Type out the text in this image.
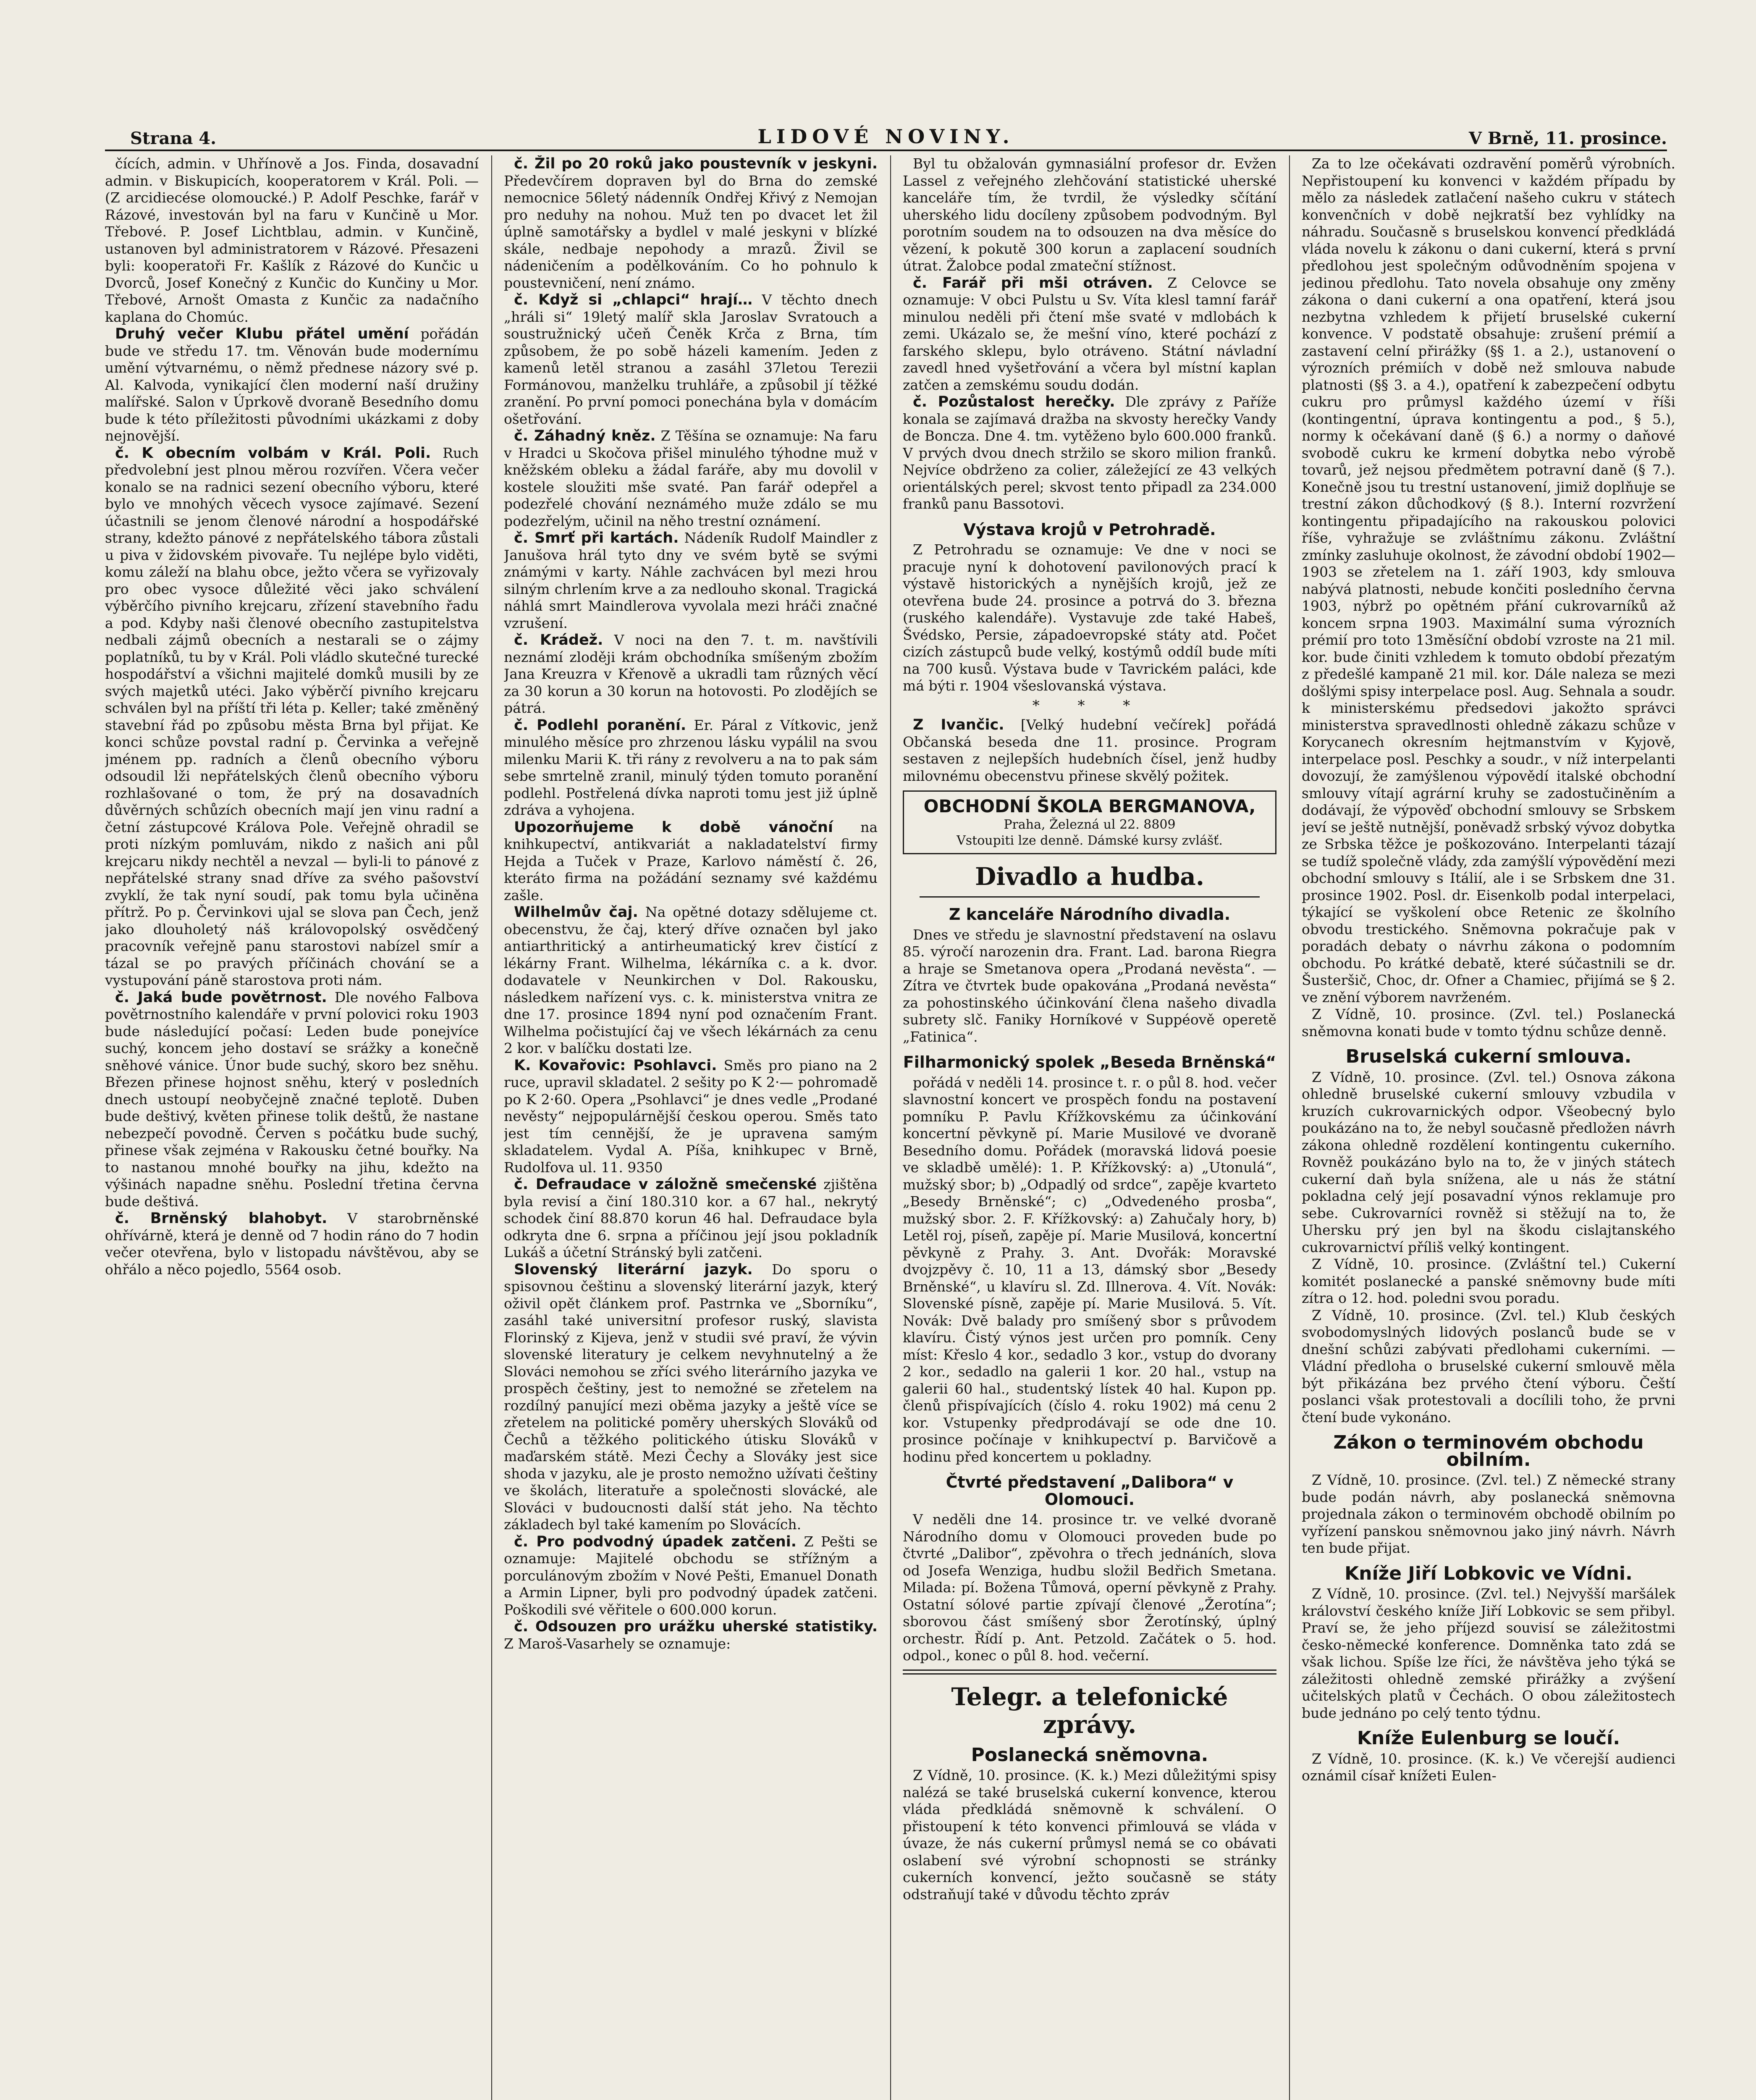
Strana 4.	LIDOVÉ NOVINY.	V Brně, 11. prosince.

čících, admin. v Uhřínově a Jos. Finda, dosavadní admin. v Biskupicích, kooperatorem v Král. Poli. — (Z arcidiecése olomoucké.) P. Adolf Peschke, farář v Rázové, investován byl na faru v Kunčině u Mor. Třebové. P. Josef Lichtblau, admin. v Kunčině, ustanoven byl administratorem v Rázové. Přesazeni byli: kooperatoři Fr. Kašlík z Rázové do Kunčic u Dvorců, Josef Konečný z Kunčic do Kunčiny u Mor. Třebové, Arnošt Omasta z Kunčic za nadačního kaplana do Chomúc.

Druhý večer Klubu přátel umění pořádán bude ve středu 17. tm. Věnován bude modernímu umění výtvarnému, o němž přednese názory své p. Al. Kalvoda, vynikající člen moderní naší družiny malířské. Salon v Úprkově dvoraně Besedního domu bude k této příležitosti původními ukázkami z doby nejnovější.

č. K obecním volbám v Král. Poli. Ruch předvolební jest plnou měrou rozvířen. Včera večer konalo se na radnici sezení obecního výboru, které bylo ve mnohých věcech vysoce zajímavé. Sezení účastnili se jenom členové národní a hospodářské strany, kdežto pánové z nepřátelského tábora zůstali u piva v židovském pivovaře. Tu nejlépe bylo viděti, komu záleží na blahu obce, ježto včera se vyřizovaly pro obec vysoce důležité věci jako schválení výběrčího pivního krejcaru, zřízení stavebního řadu a pod. Kdyby naši členové obecního zastupitelstva nedbali zájmů obecních a nestarali se o zájmy poplatníků, tu by v Král. Poli vládlo skutečné turecké hospodářství a všichni majitelé domků musili by ze svých majetků utéci. Jako výběrčí pivního krejcaru schválen byl na příští tři léta p. Keller; také změněný stavební řád po způsobu města Brna byl přijat. Ke konci schůze povstal radní p. Červinka a veřejně jménem pp. radních a členů obecního výboru odsoudil lži nepřátelských členů obecního výboru rozhlašované o tom, že prý na dosavadních důvěrných schůzích obecních mají jen vinu radní a četní zástupcové Králova Pole. Veřejně ohradil se proti nízkým pomluvám, nikdo z našich ani půl krejcaru nikdy nechtěl a nevzal — byli-li to pánové z nepřátelské strany snad dříve za svého pašovství zvyklí, že tak nyní soudí, pak tomu byla učiněna přítrž. Po p. Červinkovi ujal se slova pan Čech, jenž jako dlouholetý náš královopolský osvědčený pracovník veřejně panu starostovi nabízel smír a tázal se po pravých příčinách chování se a vystupování páně starostova proti nám.

č. Jaká bude povětrnost. Dle nového Falbova povětrnostního kalendáře v první polovici roku 1903 bude následující počasí: Leden bude ponejvíce suchý, koncem jeho dostaví se srážky a konečně sněhové vánice. Únor bude suchý, skoro bez sněhu. Březen přinese hojnost sněhu, který v posledních dnech ustoupí neobyčejně značné teplotě. Duben bude deštivý, květen přinese tolik deštů, že nastane nebezpečí povodně. Červen s počátku bude suchý, přinese však zejména v Rakousku četné bouřky. Na to nastanou mnohé bouřky na jihu, kdežto na výšinách napadne sněhu. Poslední třetina června bude deštivá.

č. Brněnský blahobyt. V starobrněnské ohřívárně, která je denně od 7 hodin ráno do 7 hodin večer otevřena, bylo v listopadu návštěvou, aby se ohřálo a něco pojedlo, 5564 osob.

č. Žil po 20 roků jako poustevník v jeskyni. Předevčírem dopraven byl do Brna do zemské nemocnice 56letý nádenník Ondřej Křivý z Nemojan pro neduhy na nohou. Muž ten po dvacet let žil úplně samotářsky a bydlel v malé jeskyni v blízké skále, nedbaje nepohody a mrazů. Živil se nádeničením a podělkováním. Co ho pohnulo k poustevničení, není známo.

č. Když si „chlapci“ hrají… V těchto dnech „hráli si“ 19letý malíř skla Jaroslav Svratouch a soustružnický učeň Čeněk Krča z Brna, tím způsobem, že po sobě házeli kamením. Jeden z kamenů letěl stranou a zasáhl 37letou Terezii Formánovou, manželku truhláře, a způsobil jí těžké zranění. Po první pomoci ponechána byla v domácím ošetřování.

č. Záhadný kněz. Z Těšína se oznamuje: Na faru v Hradci u Skočova přišel minulého týhodne muž v kněžském obleku a žádal faráře, aby mu dovolil v kostele sloužiti mše svaté. Pan farář odepřel a podezřelé chování neznámého muže zdálo se mu podezřelým, učinil na něho trestní oznámení.

č. Smrť při kartách. Nádeník Rudolf Maindler z Janušova hrál tyto dny ve svém bytě se svými známými v karty. Náhle zachvácen byl mezi hrou silným chrlením krve a za nedlouho skonal. Tragická náhlá smrt Maindlerova vyvolala mezi hráči značné vzrušení.

č. Krádež. V noci na den 7. t. m. navštívili neznámí zloději krám obchodníka smíšeným zbožím Jana Kreuzra v Křenově a ukradli tam různých věcí za 30 korun a 30 korun na hotovosti. Po zlodějích se pátrá.

č. Podlehl poranění. Er. Páral z Vítkovic, jenž minulého měsíce pro zhrzenou lásku vypálil na svou milenku Marii K. tři rány z revolveru a na to pak sám sebe smrtelně zranil, minulý týden tomuto poranění podlehl. Postřelená dívka naproti tomu jest již úplně zdráva a vyhojena.

Upozorňujeme k době vánoční na knihkupectví, antikvariát a nakladatelství firmy Hejda a Tuček v Praze, Karlovo náměstí č. 26, kteráto firma na požádání seznamy své každému zašle.

Wilhelmův čaj. Na opětné dotazy sdělujeme ct. obecenstvu, že čaj, který dříve označen byl jako antiarthritický a antirheumatický krev čistící z lékárny Frant. Wilhelma, lékárníka c. a k. dvor. dodavatele v Neunkirchen v Dol. Rakousku, následkem nařízení vys. c. k. ministerstva vnitra ze dne 17. prosince 1894 nyní pod označením Frant. Wilhelma počistující čaj ve všech lékárnách za cenu 2 kor. v balíčku dostati lze.

K. Kovařovic: Psohlavci. Směs pro piano na 2 ruce, upravil skladatel. 2 sešity po K 2·— pohromadě po K 2·60. Opera „Psohlavci“ je dnes vedle „Prodané nevěsty“ nejpopulárnější českou operou. Směs tato jest tím cennější, že je upravena samým skladatelem. Vydal A. Píša, knihkupec v Brně, Rudolfova ul. 11. 9350

č. Defraudace v záložně smečenské zjištěna byla revisí a činí 180.310 kor. a 67 hal., nekrytý schodek činí 88.870 korun 46 hal. Defraudace byla odkryta dne 6. srpna a příčinou její jsou pokladník Lukáš a účetní Stránský byli zatčeni.

Slovenský literární jazyk. Do sporu o spisovnou češtinu a slovenský literární jazyk, který oživil opět článkem prof. Pastrnka ve „Sborníku“, zasáhl také universitní profesor ruský, slavista Florinský z Kijeva, jenž v studii své praví, že vývin slovenské literatury je celkem nevyhnutelný a že Slováci nemohou se zříci svého literárního jazyka ve prospěch češtiny, jest to nemožné se zřetelem na rozdílný panující mezi oběma jazyky a ještě více se zřetelem na politické poměry uherských Slováků od Čechů a těžkého politického útisku Slováků v maďarském státě. Mezi Čechy a Slováky jest sice shoda v jazyku, ale je prosto nemožno užívati češtiny ve školách, literatuře a společnosti slovácké, ale Slováci v budoucnosti další stát jeho. Na těchto základech byl také kamením po Slovácích.

č. Pro podvodný úpadek zatčeni. Z Pešti se oznamuje: Majitelé obchodu se střížným a porculánovým zbožím v Nové Pešti, Emanuel Donath a Armin Lipner, byli pro podvodný úpadek zatčeni. Poškodili své věřitele o 600.000 korun.

č. Odsouzen pro urážku uherské statistiky. Z Maroš-Vasarhely se oznamuje:

Byl tu obžalován gymnasiální profesor dr. Evžen Lassel z veřejného zlehčování statistické uherské kanceláře tím, že tvrdil, že výsledky sčítání uherského lidu docíleny způsobem podvodným. Byl porotním soudem na to odsouzen na dva měsíce do vězení, k pokutě 300 korun a zaplacení soudních útrat. Žalobce podal zmateční stížnost.

č. Farář při mši otráven. Z Celovce se oznamuje: V obci Pulstu u Sv. Víta klesl tamní farář minulou neděli při čtení mše svaté v mdlobách k zemi. Ukázalo se, že mešní víno, které pochází z farského sklepu, bylo otráveno. Státní návladní zavedl hned vyšetřování a včera byl místní kaplan zatčen a zemskému soudu dodán.

č. Pozůstalost herečky. Dle zprávy z Paříže konala se zajímavá dražba na skvosty herečky Vandy de Boncza. Dne 4. tm. vytěženo bylo 600.000 franků. V prvých dvou dnech stržilo se skoro milion franků. Nejvíce obdrženo za colier, záležející ze 43 velkých orientálských perel; skvost tento připadl za 234.000 franků panu Bassotovi.

Výstava krojů v Petrohradě.

Z Petrohradu se oznamuje: Ve dne v noci se pracuje nyní k dohotovení pavilonových prací k výstavě historických a nynějších krojů, jež ze otevřena bude 24. prosince a potrvá do 3. března (ruského kalendáře). Vystavuje zde také Habeš, Švédsko, Persie, západoevropské státy atd. Počet cizích zástupců bude velký, kostýmů oddíl bude míti na 700 kusů. Výstava bude v Tavrickém paláci, kde má býti r. 1904 všeslovanská výstava.

* * *

Z Ivančic. [Velký hudební večírek] pořádá Občanská beseda dne 11. prosince. Program sestaven z nejlepších hudebních čísel, jenž hudby milovnému obecenstvu přinese skvělý požitek.

OBCHODNÍ ŠKOLA BERGMANOVA,
Praha, Železná ul 22. 8809
Vstoupiti lze denně. Dámské kursy zvlášť.
Divadlo a hudba.
Z kanceláře Národního divadla.

Dnes ve středu je slavnostní představení na oslavu 85. výročí narozenin dra. Frant. Lad. barona Riegra a hraje se Smetanova opera „Prodaná nevěsta“. — Zítra ve čtvrtek bude opakována „Prodaná nevěsta“ za pohostinského účinkování člena našeho divadla subrety slč. Faniky Horníkové v Suppéově operetě „Fatinica“.

Filharmonický spolek „Beseda Brněnská“

pořádá v neděli 14. prosince t. r. o půl 8. hod. večer slavnostní koncert ve prospěch fondu na postavení pomníku P. Pavlu Křížkovskému za účinkování koncertní pěvkyně pí. Marie Musilové ve dvoraně Besedního domu. Pořádek (moravská lidová poesie ve skladbě umělé): 1. P. Křížkovský: a) „Utonulá“, mužský sbor; b) „Odpadlý od srdce“, zapěje kvarteto „Besedy Brněnské“; c) „Odvedeného prosba“, mužský sbor. 2. F. Křížkovský: a) Zahučaly hory, b) Letěl roj, píseň, zapěje pí. Marie Musilová, koncertní pěvkyně z Prahy. 3. Ant. Dvořák: Moravské dvojzpěvy č. 10, 11 a 13, dámský sbor „Besedy Brněnské“, u klavíru sl. Zd. Illnerova. 4. Vít. Novák: Slovenské písně, zapěje pí. Marie Musilová. 5. Vít. Novák: Dvě balady pro smíšený sbor s průvodem klavíru. Čistý výnos jest určen pro pomník. Ceny míst: Křeslo 4 kor., sedadlo 3 kor., vstup do dvorany 2 kor., sedadlo na galerii 1 kor. 20 hal., vstup na galerii 60 hal., studentský lístek 40 hal. Kupon pp. členů přispívajících (číslo 4. roku 1902) má cenu 2 kor. Vstupenky předprodávají se ode dne 10. prosince počínaje v knihkupectví p. Barvičově a hodinu před koncertem u pokladny.

Čtvrté představení „Dalibora“ v Olomouci.

V neděli dne 14. prosince tr. ve velké dvoraně Národního domu v Olomouci proveden bude po čtvrté „Dalibor“, zpěvohra o třech jednáních, slova od Josefa Wenziga, hudbu složil Bedřich Smetana. Milada: pí. Božena Tůmová, operní pěvkyně z Prahy. Ostatní sólové partie zpívají členové „Žerotína“; sborovou část smíšený sbor Žerotínský, úplný orchestr. Řídí p. Ant. Petzold. Začátek o 5. hod. odpol., konec o půl 8. hod. večerní.

Telegr. a telefonické zprávy.
Poslanecká sněmovna.

Z Vídně, 10. prosince. (K. k.) Mezi důležitými spisy nalézá se také bruselská cukerní konvence, kterou vláda předkládá sněmovně k schválení. O přistoupení k této konvenci přimlouvá se vláda v úvaze, že nás cukerní průmysl nemá se co obávati oslabení své výrobní schopnosti se stránky cukerních konvencí, ježto současně se státy odstraňují také v důvodu těchto zpráv

Za to lze očekávati ozdravění poměrů výrobních. Nepřistoupení ku konvenci v každém případu by mělo za následek zatlačení našeho cukru v státech konvenčních v době nejkratší bez vyhlídky na náhradu. Současně s bruselskou konvencí předkládá vláda novelu k zákonu o dani cukerní, která s první předlohou jest společným odůvodněním spojena v jedinou předlohu. Tato novela obsahuje ony změny zákona o dani cukerní a ona opatření, která jsou nezbytna vzhledem k přijetí bruselské cukerní konvence. V podstatě obsahuje: zrušení prémií a zastavení celní přirážky (§§ 1. a 2.), ustanovení o výrozních prémiích v době než smlouva nabude platnosti (§§ 3. a 4.), opatření k zabezpečení odbytu cukru pro průmysl každého území v říši (kontingentní, úprava kontingentu a pod., § 5.), normy k očekávaní daně (§ 6.) a normy o daňové svobodě cukru ke krmení dobytka nebo výrobě tovarů, jež nejsou předmětem potravní daně (§ 7.). Konečně jsou tu trestní ustanovení, jimiž doplňuje se trestní zákon důchodkový (§ 8.). Interní rozvržení kontingentu připadajícího na rakouskou polovici říše, vyhražuje se zvláštnímu zákonu. Zvláštní zmínky zasluhuje okolnost, že závodní období 1902—1903 se zřetelem na 1. září 1903, kdy smlouva nabývá platnosti, nebude končiti posledního června 1903, nýbrž po opětném přání cukrovarníků až koncem srpna 1903. Maximální suma výrozních prémií pro toto 13měsíční období vzroste na 21 mil. kor. bude činiti vzhledem k tomuto období přezatým z předešlé kampaně 21 mil. kor. Dále naleza se mezi došlými spisy interpelace posl. Aug. Sehnala a soudr. k ministerskému předsedovi jakožto správci ministerstva spravedlnosti ohledně zákazu schůze v Korycanech okresním hejtmanstvím v Kyjově, interpelace posl. Peschky a soudr., v níž interpelanti dovozují, že zamýšlenou výpovědí italské obchodní smlouvy vítají agrární kruhy se zadostučiněním a dodávají, že výpověď obchodní smlouvy se Srbskem jeví se ještě nutnější, poněvadž srbský vývoz dobytka ze Srbska těžce je poškozováno. Interpelanti tázají se tudíž společně vlády, zda zamýšlí výpovědění mezi obchodní smlouvy s Itálií, ale i se Srbskem dne 31. prosince 1902. Posl. dr. Eisenkolb podal interpelaci, týkající se vyškolení obce Retenic ze školního obvodu trestického. Sněmovna pokračuje pak v poradách debaty o návrhu zákona o podomním obchodu. Po krátké debatě, které súčastnili se dr. Šusteršič, Choc, dr. Ofner a Chamiec, přijímá se § 2. ve znění výborem navrženém.

Z Vídně, 10. prosince. (Zvl. tel.) Poslanecká sněmovna konati bude v tomto týdnu schůze denně.

Bruselská cukerní smlouva.

Z Vídně, 10. prosince. (Zvl. tel.) Osnova zákona ohledně bruselské cukerní smlouvy vzbudila v kruzích cukrovarnických odpor. Všeobecný bylo poukázáno na to, že nebyl současně předložen návrh zákona ohledně rozdělení kontingentu cukerního. Rovněž poukázáno bylo na to, že v jiných státech cukerní daň byla snížena, ale u nás že státní pokladna celý její posavadní výnos reklamuje pro sebe. Cukrovarníci rovněž si stěžují na to, že Uhersku prý jen byl na škodu cislajtanského cukrovarnictví příliš velký kontingent.

Z Vídně, 10. prosince. (Zvláštní tel.) Cukerní komitét poslanecké a panské sněmovny bude míti zítra o 12. hod. poledni svou poradu.

Z Vídně, 10. prosince. (Zvl. tel.) Klub českých svobodomyslných lidových poslanců bude se v dnešní schůzi zabývati předlohami cukerními. — Vládní předloha o bruselské cukerní smlouvě měla být přikázána bez prvého čtení výboru. Čeští poslanci však protestovali a docílili toho, že prvni čtení bude vykonáno.

Zákon o terminovém obchodu obilním.

Z Vídně, 10. prosince. (Zvl. tel.) Z německé strany bude podán návrh, aby poslanecká sněmovna projednala zákon o terminovém obchodě obilním po vyřízení panskou sněmovnou jako jiný návrh. Návrh ten bude přijat.

Kníže Jiří Lobkovic ve Vídni.

Z Vídně, 10. prosince. (Zvl. tel.) Nejvyšší maršálek království českého kníže Jiří Lobkovic se sem přibyl. Praví se, že jeho příjezd souvisí se záležitostmi česko-německé konference. Domněnka tato zdá se však lichou. Spíše lze říci, že návštěva jeho týká se záležitosti ohledně zemské přirážky a zvýšení učitelských platů v Čechách. O obou záležitostech bude jednáno po celý tento týdnu.

Kníže Eulenburg se loučí.

Z Vídně, 10. prosince. (K. k.) Ve včerejší audienci oznámil císař knížeti Eulen-
